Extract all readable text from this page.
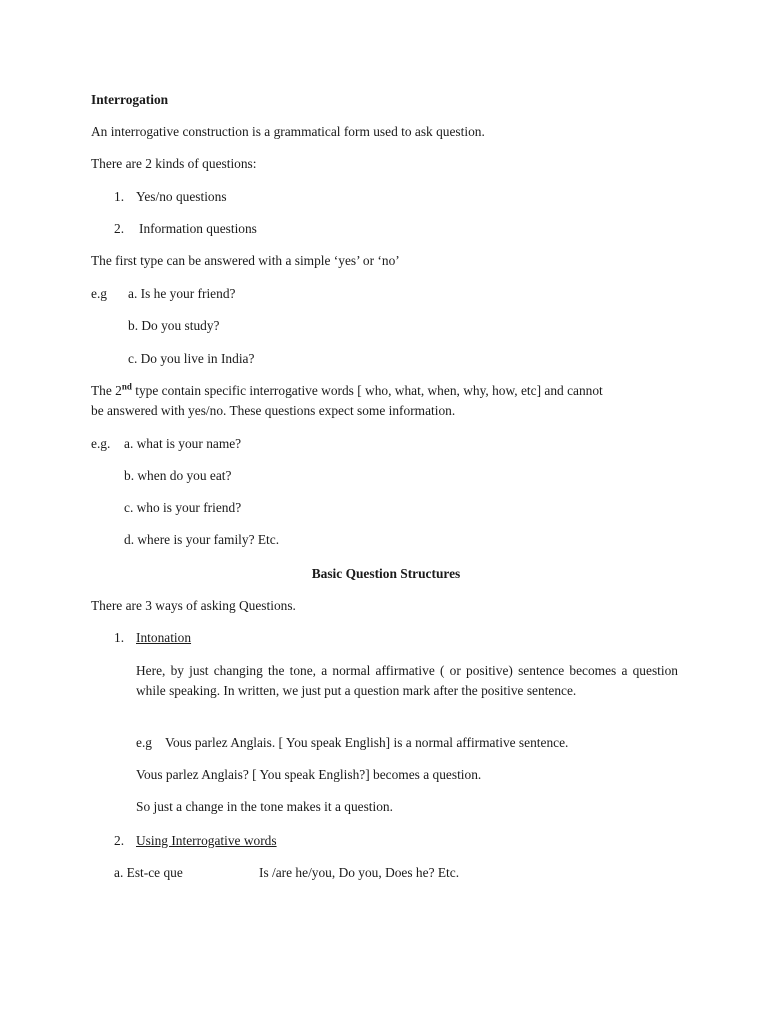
Interrogation
An interrogative construction is a grammatical form used to ask question.
There are 2 kinds of questions:
1. Yes/no questions
2. Information questions
The first type can be answered with a simple ‘yes’ or ‘no’
e.g a. Is he your friend?
b. Do you study?
c. Do you live in India?
The 2nd type contain specific interrogative words [ who, what, when, why, how, etc] and cannot
be answered with yes/no. These questions expect some information.
e.g. a. what is your name?
b. when do you eat?
c. who is your friend?
d. where is your family? Etc.
Basic Question Structures
There are 3 ways of asking Questions.
1. Intonation
Here, by just changing the tone, a normal affirmative ( or positive) sentence becomes a question while speaking. In written, we just put a question mark after the positive sentence.
e.g Vous parlez Anglais. [ You speak English] is a normal affirmative sentence.
Vous parlez Anglais? [ You speak English?] becomes a question.
So just a change in the tone makes it a question.
2. Using Interrogative words
a. Est-ce que	Is /are he/you, Do you, Does he? Etc.
